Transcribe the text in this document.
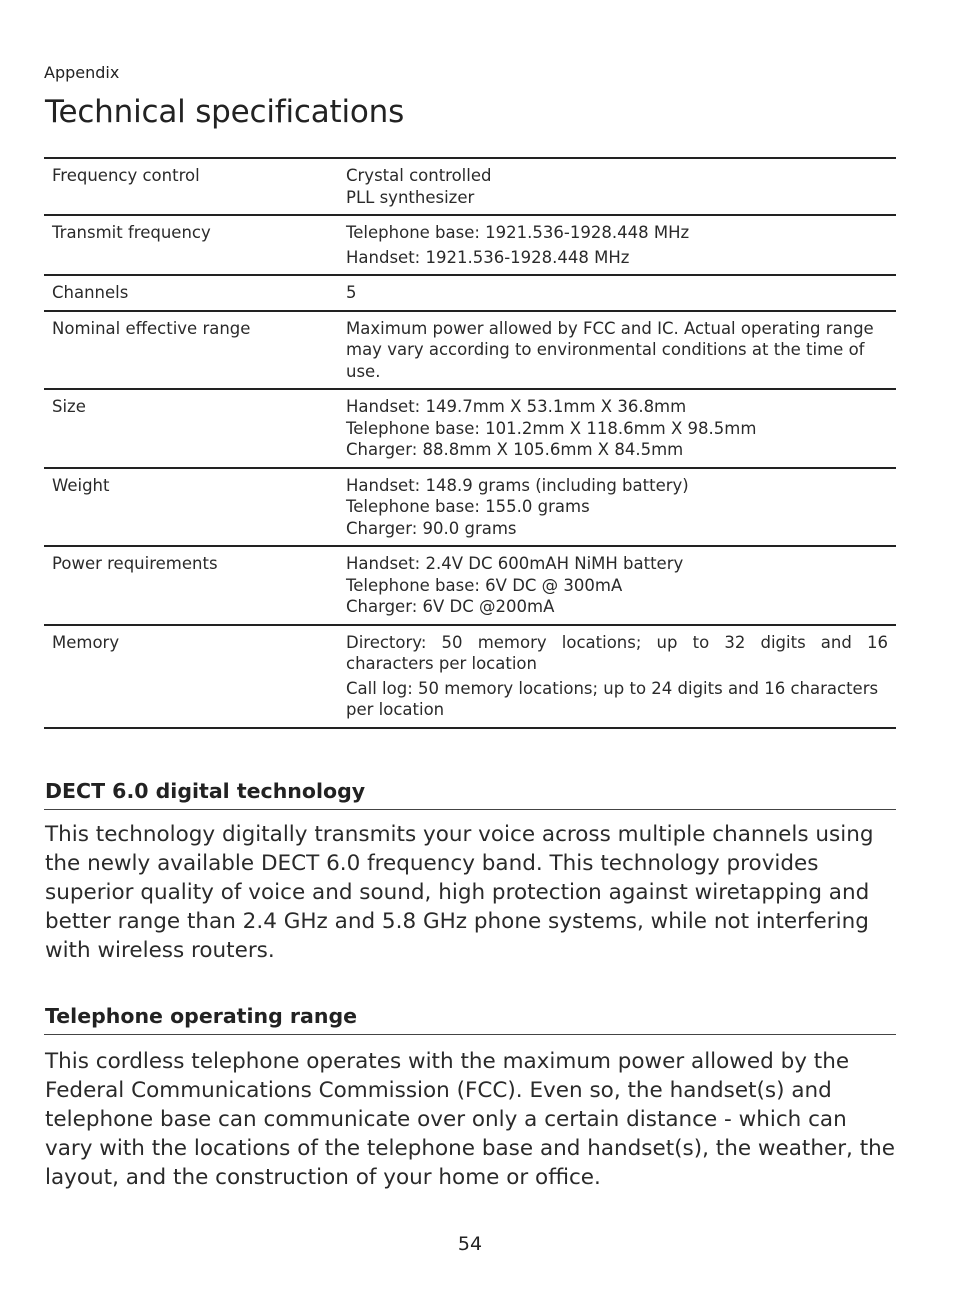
Appendix
Technical specifications
Frequency control	Crystal controlled
PLL synthesizer

Transmit frequency	Telephone base: 1921.536-1928.448 MHz
Handset: 1921.536-1928.448 MHz

Channels	5

Nominal effective range	Maximum power allowed by FCC and IC. Actual operating range may vary according to environmental conditions at the time of use.

Size	Handset: 149.7mm X 53.1mm X 36.8mm
Telephone base: 101.2mm X 118.6mm X 98.5mm
Charger: 88.8mm X 105.6mm X 84.5mm

Weight	Handset: 148.9 grams (including battery)
Telephone base: 155.0 grams
Charger: 90.0 grams

Power requirements	Handset: 2.4V DC 600mAH NiMH battery
Telephone base: 6V DC @ 300mA
Charger: 6V DC @200mA

Memory	Directory: 50 memory locations; up to 32 digits and 16 characters per location
Call log: 50 memory locations; up to 24 digits and 16 characters per location
DECT 6.0 digital technology

This technology digitally transmits your voice across multiple channels using the newly available DECT 6.0 frequency band. This technology provides superior quality of voice and sound, high protection against wiretapping and better range than 2.4 GHz and 5.8 GHz phone systems, while not interfering with wireless routers.

Telephone operating range

This cordless telephone operates with the maximum power allowed by the Federal Communications Commission (FCC). Even so, the handset(s) and telephone base can communicate over only a certain distance - which can vary with the locations of the telephone base and handset(s), the weather, the layout, and the construction of your home or office.

54
